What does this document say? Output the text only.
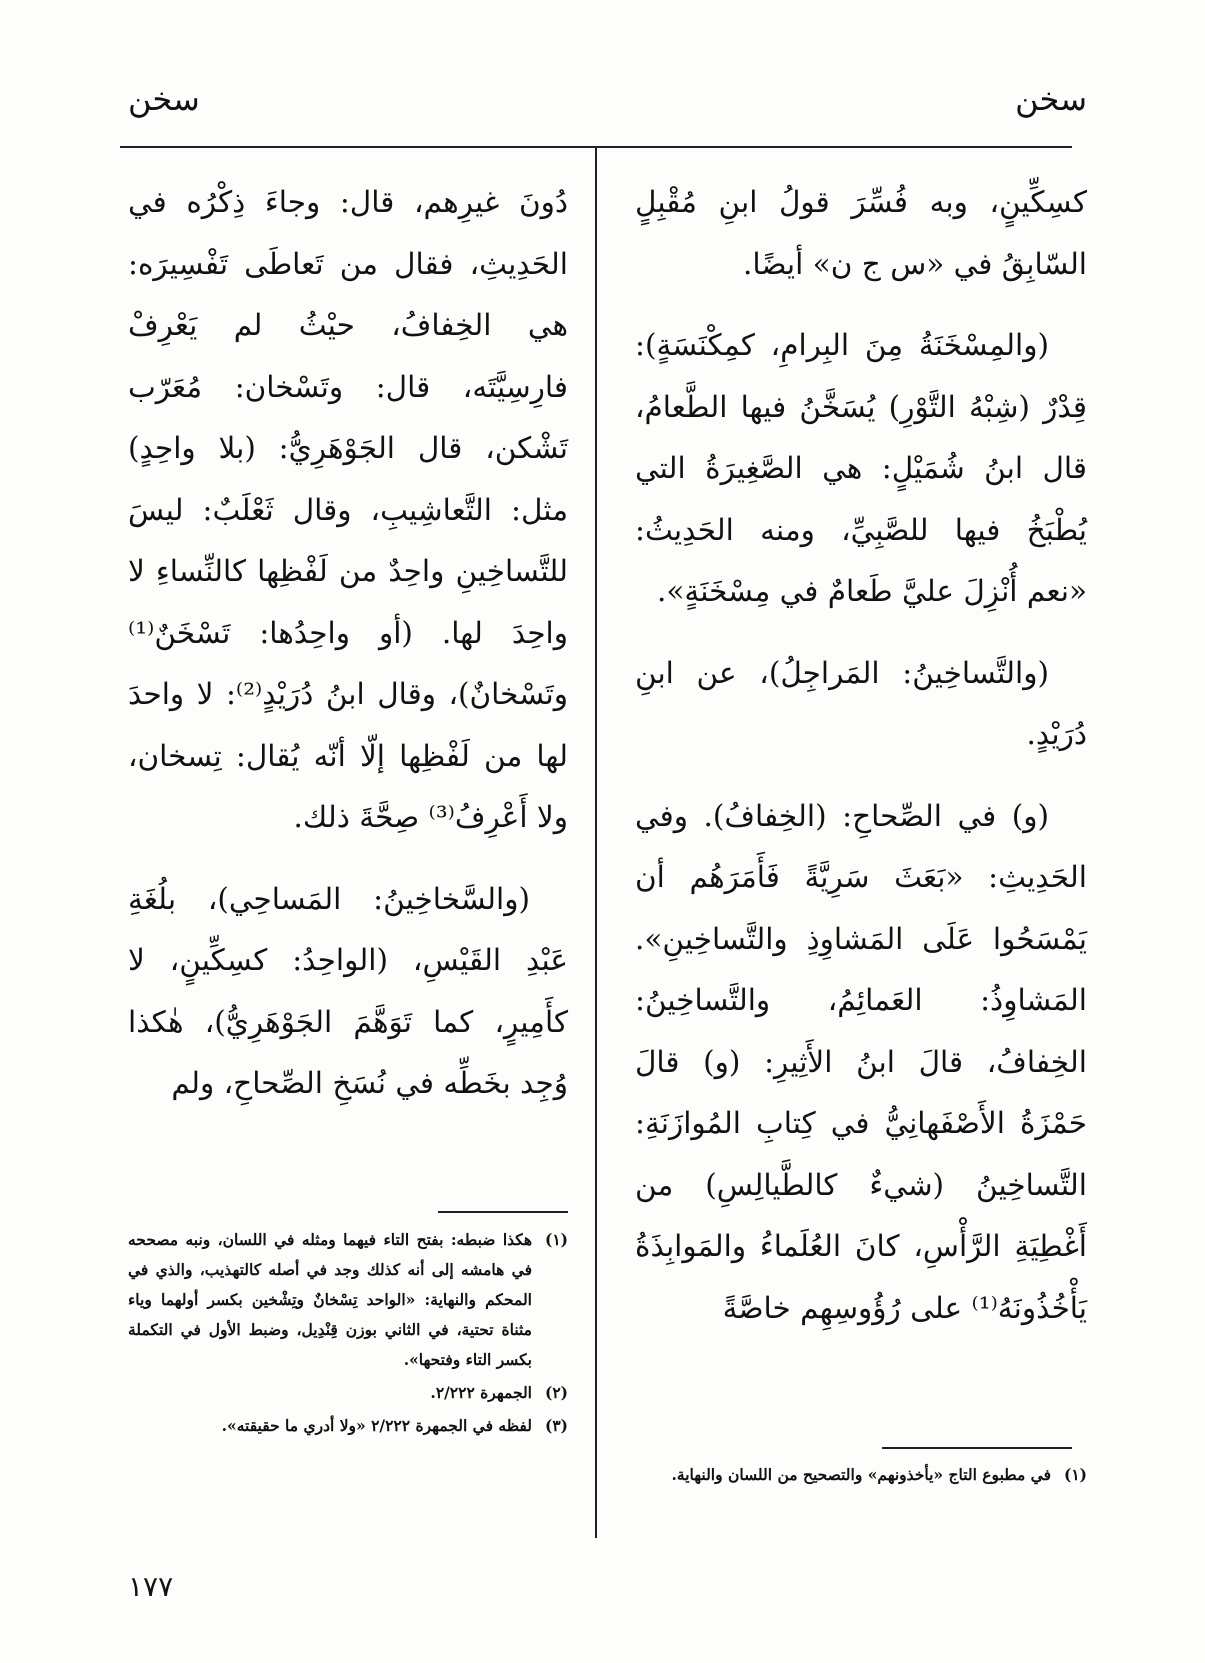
سخن
سخن

كسِكِّينٍ، وبه فُسِّرَ قولُ ابنِ مُقْبِلٍ السّابِقُ في «س ج ن» أيضًا.

(والمِسْخَنَةُ مِنَ البِرامِ، كمِكْنَسَةٍ): قِدْرٌ (شِبْهُ التَّوْرِ) يُسَخَّنُ فيها الطَّعامُ، قال ابنُ شُمَيْلٍ: هي الصَّغِيرَةُ التي يُطْبَخُ فيها للصَّبِيِّ، ومنه الحَدِيثُ: «نعم أُنْزِلَ عليَّ طَعامٌ في مِسْخَنَةٍ».

(والتَّساخِينُ: المَراجِلُ)، عن ابنِ دُرَيْدٍ.

(و) في الصِّحاحِ: (الخِفافُ). وفي الحَدِيثِ: «بَعَثَ سَرِيَّةً فَأَمَرَهُم أن يَمْسَحُوا عَلَى المَشاوِذِ والتَّساخِينِ». المَشاوِذُ: العَمائِمُ، والتَّساخِينُ: الخِفافُ، قالَ ابنُ الأَثِيرِ: (و) قالَ حَمْزَةُ الأَصْفَهانِيُّ في كِتابِ المُوازَنَةِ: التَّساخِينُ (شيءٌ كالطَّيالِسِ) من أَغْطِيَةِ الرَّأْسِ، كانَ العُلَماءُ والمَوابِذَةُ يَأْخُذُونَهُ⁽¹⁾ على رُؤُوسِهِم خاصَّةً

دُونَ غيرِهم، قال: وجاءَ ذِكْرُه في الحَدِيثِ، فقال من تَعاطَى تَفْسِيرَه: هي الخِفافُ، حيْثُ لم يَعْرِفْ فارِسِيَّتَه، قال: وتَسْخان: مُعَرّب تَشْكن، قال الجَوْهَرِيُّ: (بلا واحِدٍ) مثل: التَّعاشِيبِ، وقال ثَعْلَبٌ: ليسَ للتَّساخِينِ واحِدٌ من لَفْظِها كالنِّساءِ لا واحِدَ لها. (أو واحِدُها: تَسْخَنٌ⁽¹⁾ وتَسْخانٌ)، وقال ابنُ دُرَيْدٍ⁽²⁾: لا واحدَ لها من لَفْظِها إلّا أنّه يُقال: تِسخان، ولا أَعْرِفُ⁽³⁾ صِحَّةَ ذلك.

(والسَّخاخِينُ: المَساحِي)، بلُغَةِ عَبْدِ القَيْسِ، (الواحِدُ: كسِكِّينٍ، لا كأَمِيرٍ، كما تَوَهَّمَ الجَوْهَرِيُّ)، هٰكذا وُجِد بخَطِّه في نُسَخِ الصِّحاحِ، ولم

(١)
هكذا ضبطه: بفتح التاء فيهما ومثله في اللسان، ونبه مصححه في هامشه إلى أنه كذلك وجد في أصله كالتهذيب، والذي في المحكم والنهاية: «الواحد تِسْخانٌ وتِشْخين بكسر أولهما وياء مثناة تحتية، في الثاني بوزن قِنْدِيل، وضبط الأول في التكملة بكسر التاء وفتحها».
(٢)
الجمهرة ٢/٢٢٢.
(٣)
لفظه في الجمهرة ٢/٢٢٢ «ولا أدري ما حقيقته».
(١)
في مطبوع التاج «يأخذونهم» والتصحيح من اللسان والنهاية.
١٧٧
